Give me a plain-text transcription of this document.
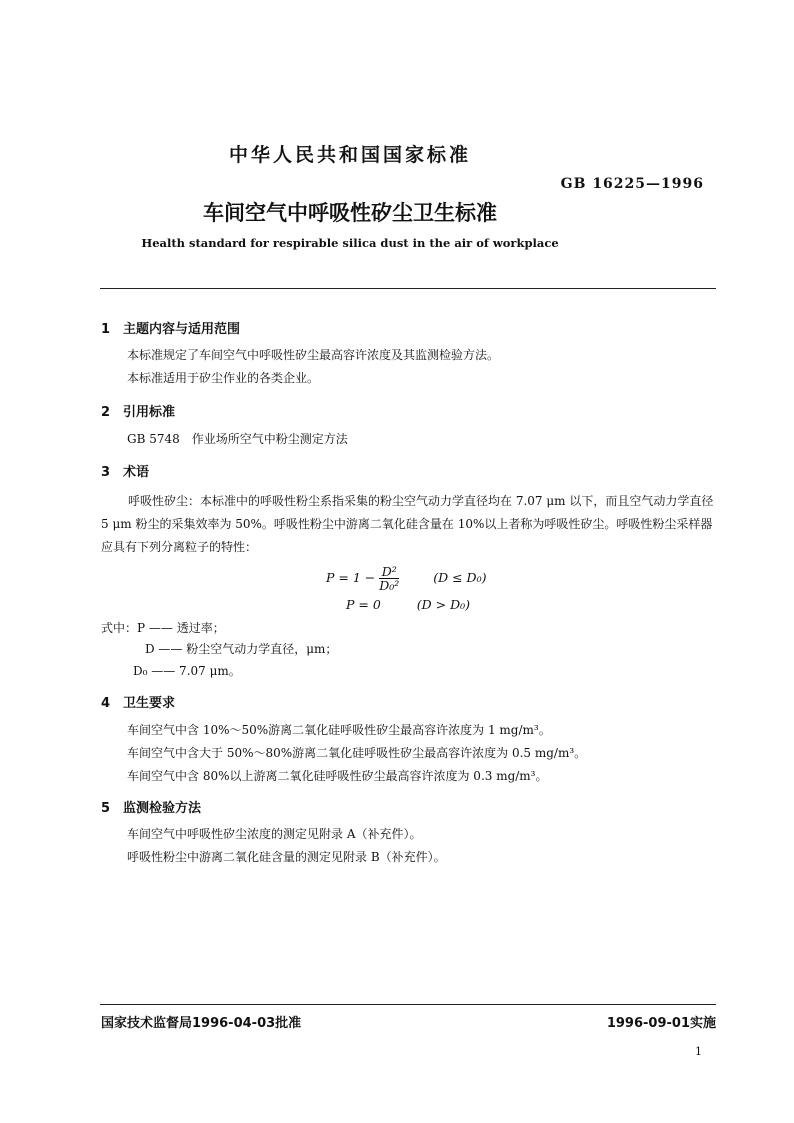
中华人民共和国国家标准
GB 16225—1996
车间空气中呼吸性矽尘卫生标准
Health standard for respirable silica dust in the air of workplace
1 主题内容与适用范围
本标准规定了车间空气中呼吸性矽尘最高容许浓度及其监测检验方法。
本标准适用于矽尘作业的各类企业。
2 引用标准
GB 5748　作业场所空气中粉尘测定方法
3 术语
呼吸性矽尘：本标准中的呼吸性粉尘系指采集的粉尘空气动力学直径均在 7.07 μm 以下，而且空气动力学直径 5 μm 粉尘的采集效率为 50%。呼吸性粉尘中游离二氧化硅含量在 10%以上者称为呼吸性矽尘。呼吸性粉尘采样器应具有下列分离粒子的特性：
$P = 1 - \frac{\text{D²}}{\text{D₀²}}$	(D ≤ D₀)
P = 0	(D > D₀)
式中：P —— 透过率；
D —— 粉尘空气动力学直径，μm；
D₀ —— 7.07 μm。
4 卫生要求
车间空气中含 10%～50%游离二氧化硅呼吸性矽尘最高容许浓度为 1 mg/m³。
车间空气中含大于 50%～80%游离二氧化硅呼吸性矽尘最高容许浓度为 0.5 mg/m³。
车间空气中含 80%以上游离二氧化硅呼吸性矽尘最高容许浓度为 0.3 mg/m³。
5 监测检验方法
车间空气中呼吸性矽尘浓度的测定见附录 A（补充件）。
呼吸性粉尘中游离二氧化硅含量的测定见附录 B（补充件）。
国家技术监督局1996-04-03批准	1996-09-01实施
1
